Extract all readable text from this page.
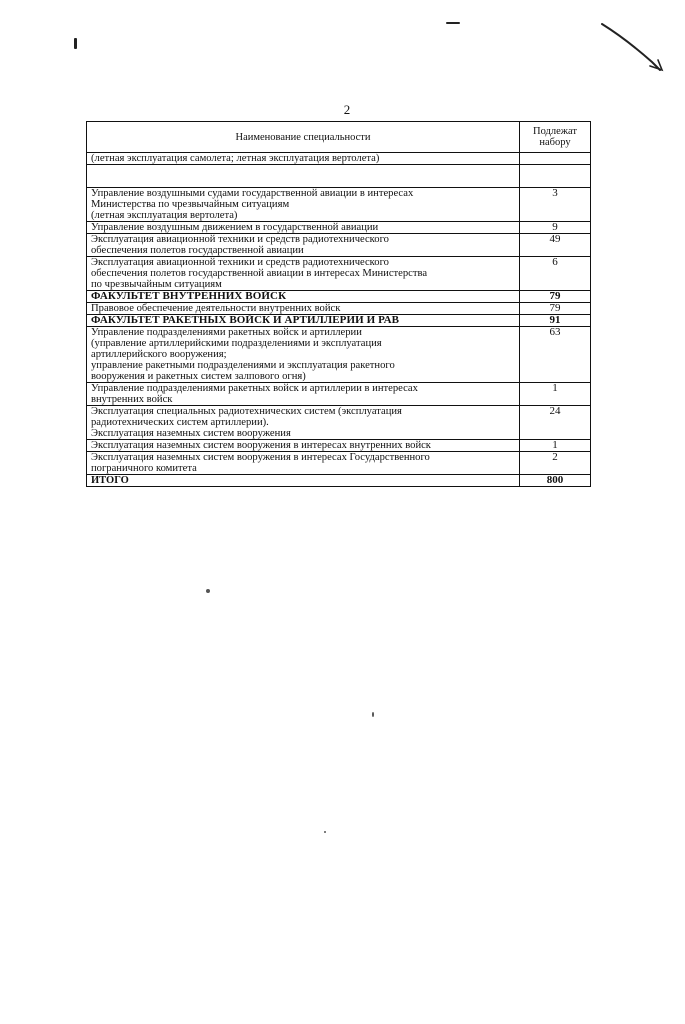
2
Наименование специальности	Подлежат
набору
(летная эксплуатация самолета; летная эксплуатация вертолета)	

Управление воздушными судами государственной авиации в интересах
Министерства по чрезвычайным ситуациям
(летная эксплуатация вертолета)	3
Управление воздушным движением в государственной авиации	9
Эксплуатация авиационной техники и средств радиотехнического
обеспечения полетов государственной авиации	49
Эксплуатация авиационной техники и средств радиотехнического
обеспечения полетов государственной авиации в интересах Министерства
по чрезвычайным ситуациям	6
ФАКУЛЬТЕТ ВНУТРЕННИХ ВОЙСК	79
Правовое обеспечение деятельности внутренних войск	79
ФАКУЛЬТЕТ РАКЕТНЫХ ВОЙСК И АРТИЛЛЕРИИ И РАВ	91
Управление подразделениями ракетных войск и артиллерии
(управление артиллерийскими подразделениями и эксплуатация
артиллерийского вооружения;
управление ракетными подразделениями и эксплуатация ракетного
вооружения и ракетных систем залпового огня)	63
Управление подразделениями ракетных войск и артиллерии в интересах
внутренних войск	1
Эксплуатация специальных радиотехнических систем (эксплуатация
радиотехнических систем артиллерии).
Эксплуатация наземных систем вооружения	24
Эксплуатация наземных систем вооружения в интересах внутренних войск	1
Эксплуатация наземных систем вооружения в интересах Государственного
пограничного комитета	2
ИТОГО	800
